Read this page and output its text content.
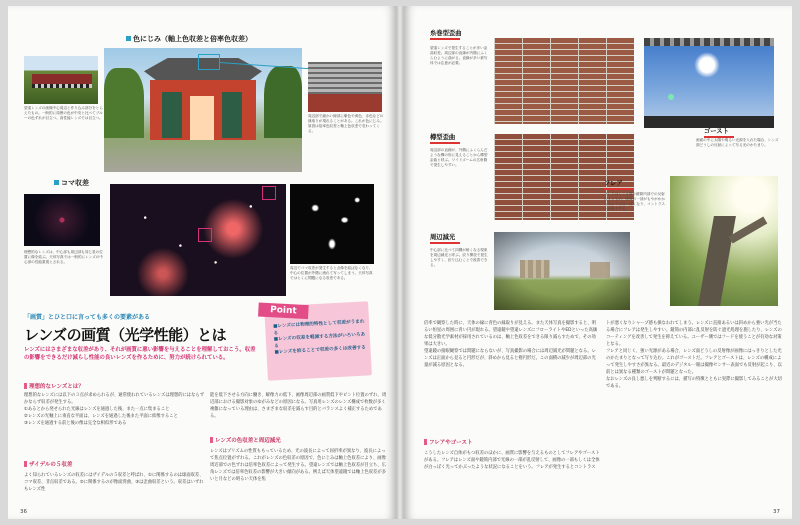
色にじみ（軸上色収差と倍率色収差）
望遠レンズの画像中心周辺と作り込み部分をとらえたもの。一般的に周囲の色が中央と比べてブルーの色ずれが目立つ。高性能レンズでは目立つ。	周辺部で細かい線部に紫色や黄色、赤色などの縁取りが現れることがある。これが色にじみ。原因は倍率色収差と軸上色収差で変わってくる。
コマ収差
理想的なレンズは、中心部も周辺部も同じ星の位置に像を結ぶ。天体写真では一般的にレンズの中心部の性能重視とされる。
周辺でコマ収差が発生すると点像を結ばなくなり、中心の位置が外側に流れて写ってしまう。天体写真ではとくに問題になる収差である。
「画質」とひと口に言っても多くの要素がある
レンズの画質（光学性能）とは
レンズにはさまざまな収差があり、それが画質に悪い影響を与えることを理解しておこう。収差の影響をできるだけ減らし性能の良いレンズを作るために、努力が続けられている。
Point
■レンズには物理的特性として収差がうまれる
■レンズの収差を軽減する方法がいろいろある
■レンズを絞ることで収差の多くは改善する
理想的なレンズとは？
理想的なレンズには以下の３点が求められるが、通常使われているレンズは理想的にはならずかならず収差が発生する。
①あるとから発せられた光線はレンズを通過した後、また一点に集まること
②レンズの光軸上に垂直な平面は、レンズを通過した後また平面に結像すること
③レンズを通過する前と後の像は完全な相似形である
ザイデルの５収差
よく知られているレンズの収差にはザイデルの５収差と呼ばれ、①に関係するのは球面収差、コマ収差、非点収差である。②に関係するのが像面湾曲、③は歪曲収差という。収差はいずれもレンズ性
能を低下させる方向に働き、解像力の低下、画像周辺部の画質低下やピント位置のずれ、周辺部における撮影対象のゆがみなどの原因になる。写真用レンズのレンズ構成で枚数が多く複雑になっている理由は、さまざまな収差を減らす目的とバランスよく補正するためである。
レンズの色収差と周辺減光
レンズはプリズムの性質ももっているため、光の波長によって屈折率が異なり、波長によって焦点位置がずれる。これがレンズの色収差の原因で、色にじみは軸上色収差により、画像周辺部での色ずれは倍率色収差によって発生する。望遠レンズでは軸上色収差が目立ち、広角レンズでは倍率色収差の影響が大きい傾向がある。例えば天体望遠鏡では軸上色収差が多いと月などの明るい天体を焦
36
糸巻型歪曲
望遠レンズで発生することが多い歪曲収差。周辺部の直線が内側にふくらむように曲がる。直線が多い被写体では注意が必要。
樽型歪曲
周辺部の直線が、外側にふくらんだような樽の形に見えることから樽型歪曲と呼ぶ。ワイドズームの広角側で発生しやすい。
周辺減光
中心部に比べて四隅が暗くなる現象を周辺減光と呼ぶ。絞り開放で発生しやすく、絞り込むことで改善できる。
ゴースト
画面の中に太陽や明るい光源を入れた場合、レンズ面どうしの反射によって写る光のかたまり。
フレア
フレアはレンズ面や鏡筒内部での反射によるもの。画像の一部がもやがかかったように白っぽくなり、コントラストが低下する。
倍率で観察した時に、天体の縁に青色の縁取りが見える。また天体写真を撮影すると、明るい恒星の周囲に青い円が現れる。望遠鏡や望遠レンズにフローライトやEDといった高価な低分散光学素材が採用されているのは、軸上色収差をできる限り減らすためで、その効果は大きい。
望遠鏡の接眼観察では問題にならないが、写真撮影の場合には周辺減光が問題となる。レンズは正面から見ると円形だが、斜めから見ると楕円形だ。この面積の減少が周辺部の光量が減る原因となる。
フレアやゴースト
こうしたレンズ自体がもつ収差のほかに、画質に影響を与えるものとしてフレアやゴーストがある。フレアはレンズ面や鏡筒内部で光線の一部が乱反射して、画像の一部もしくは全体が白っぽく光ってかぶったような状況になることをいう。フレアが発生するとコントラス
トが悪くなりシャープ感も損なわれてしまう。レンズに直接あるいは斜めから強い光が当たる場合にフレアは発生しやすい。鏡筒の内部に乱反射を防ぐ遮光処理を施したり、レンズのコーティングを改善して発生を抑えている。ユーザー側ではフードを使うことが有効な対策となる。
フレアと同じく、強い光源がある場合、レンズ面どうしの反射像が画像にはっきりとした光のかたまりとなって写り込む。これがゴーストだ。フレアとゴーストは、レンズの構成によって発生しやすさが異なる。最近のデジタル一眼は撮像センサー表面でも反射が起こり、以前とは異なる種類のゴーストが問題となった。
なおレンズの良し悪しを判断するには、描写の特徴とともに実際に撮影してみることが大切である。
37
